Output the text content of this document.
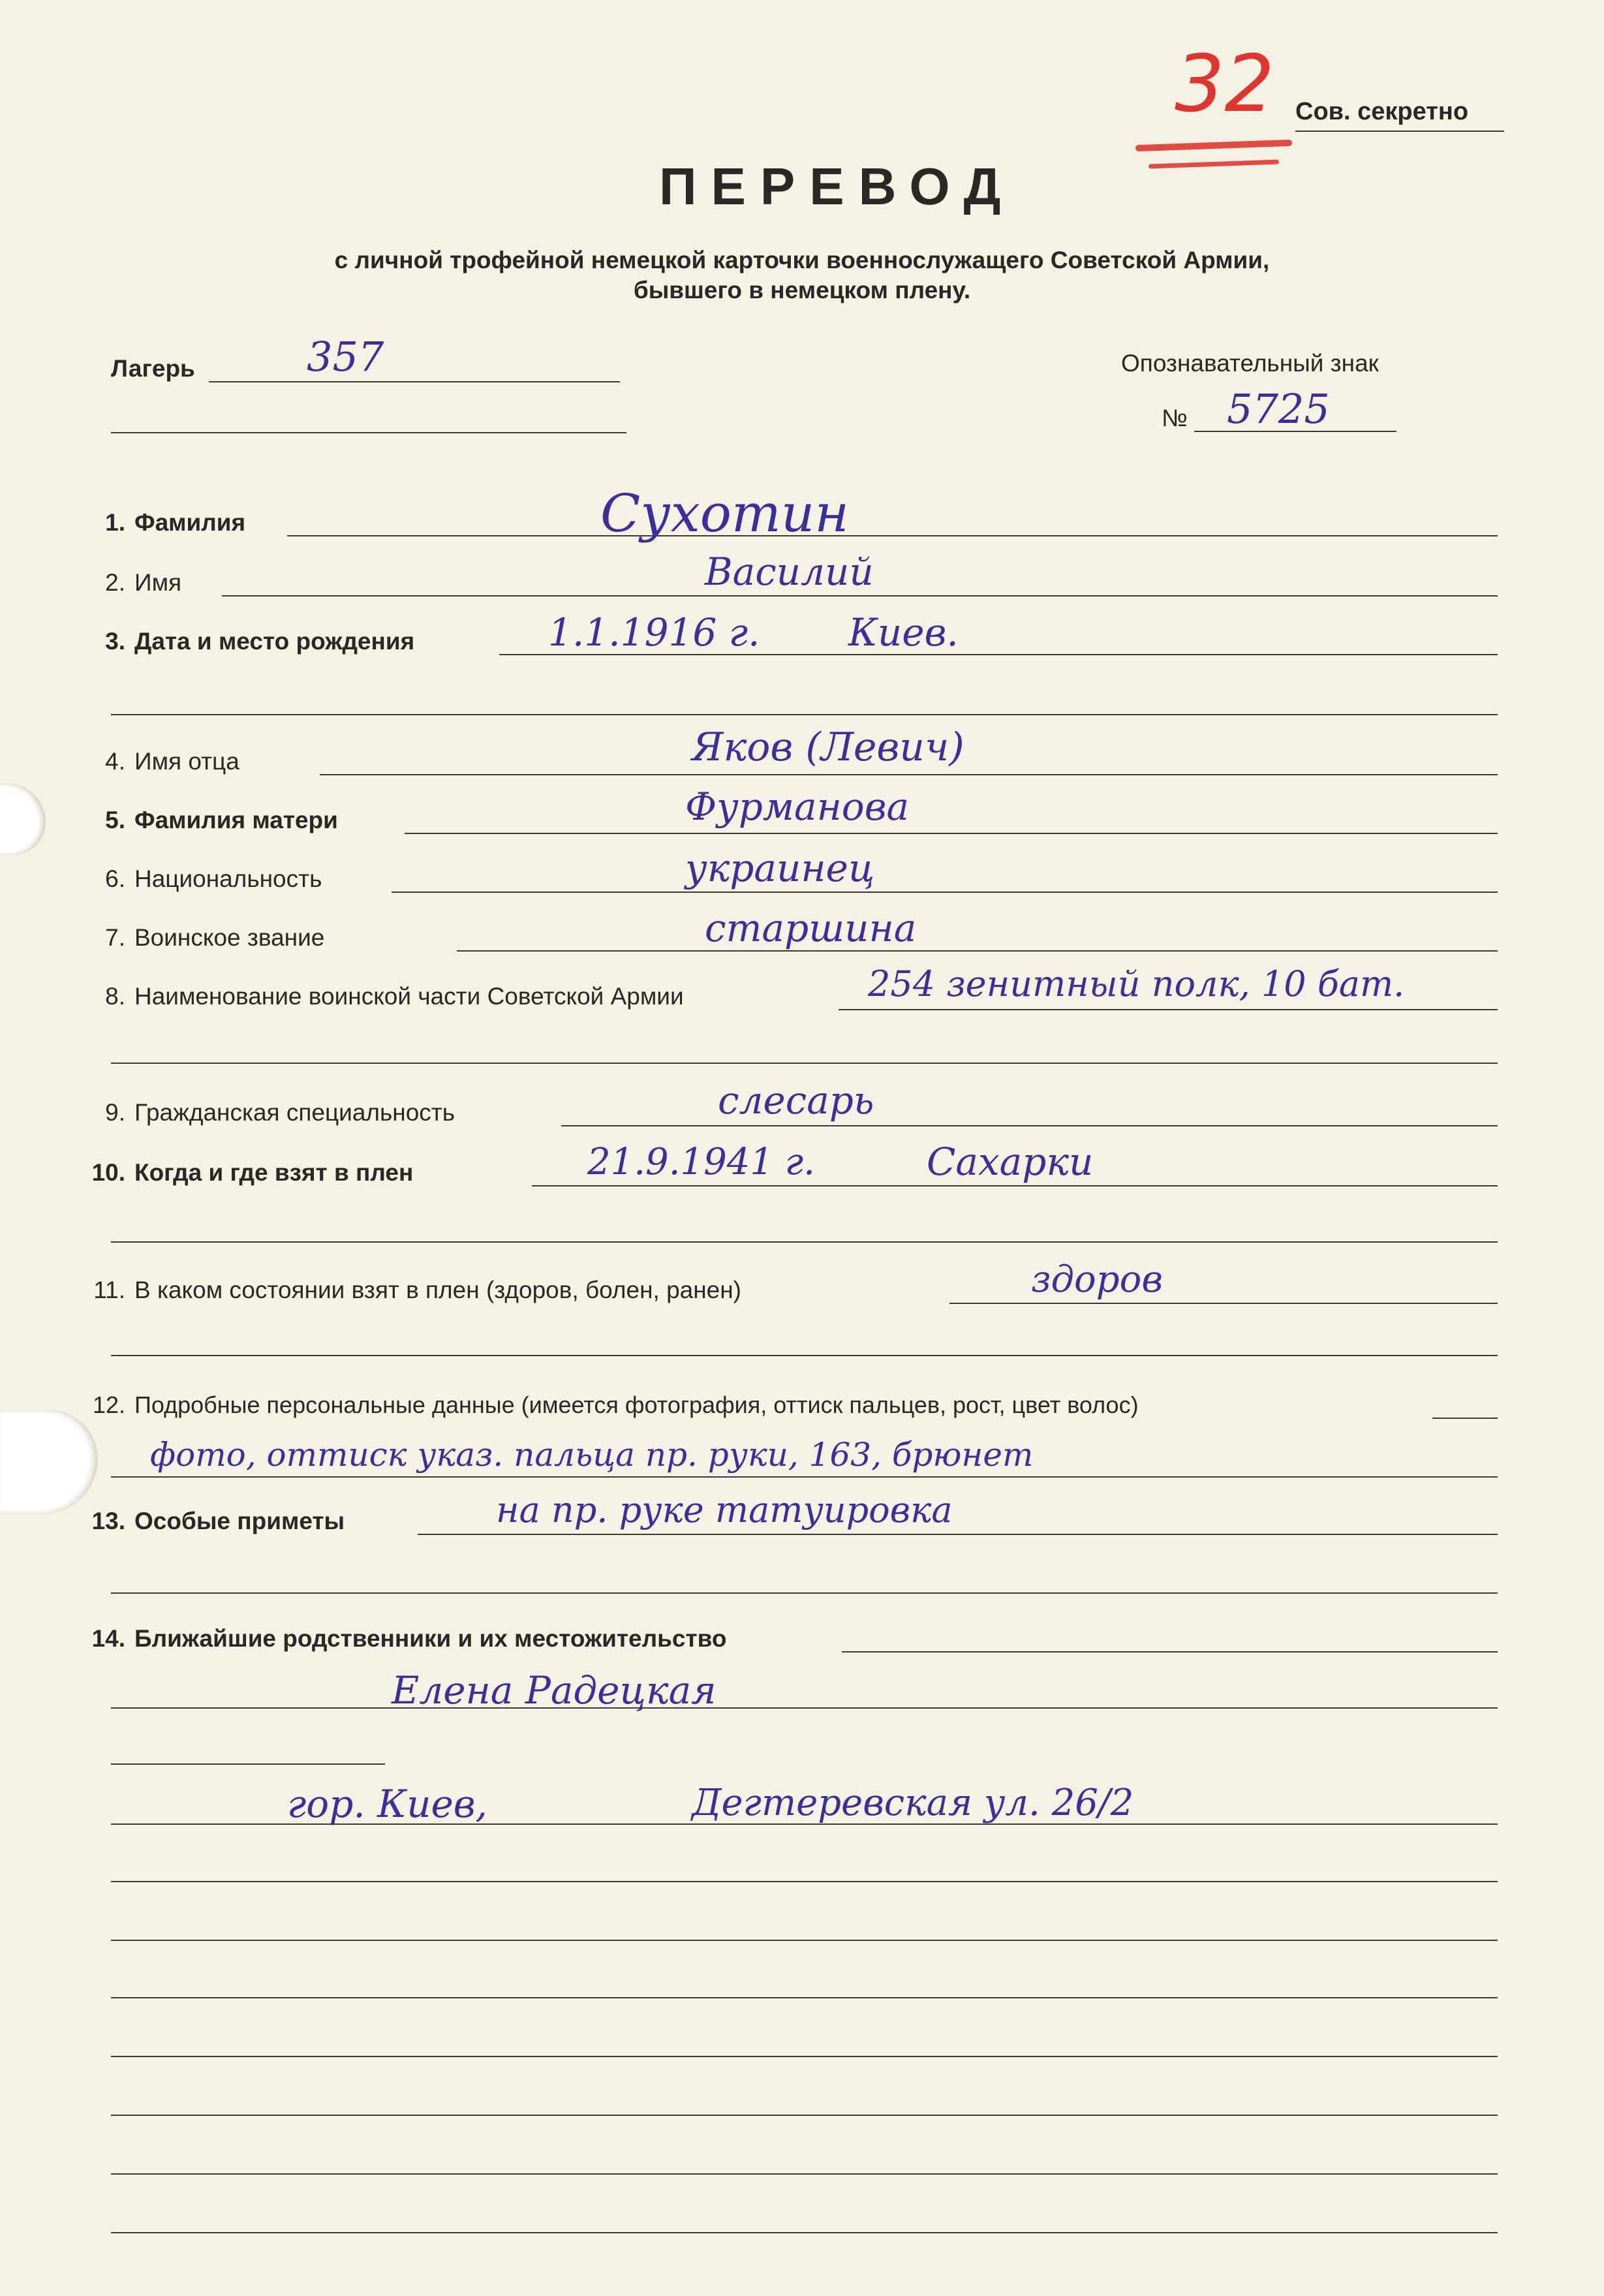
32 Сов. секретно
ПЕРЕВОД
с личной трофейной немецкой карточки военнослужащего Советской Армии,
бывшего в немецком плену.
Лагерь	357	Опознавательный знак
№ 5725
1. Фамилия	Сухотин
2. Имя	Василий
3. Дата и место рождения	1.1.1916 г. Киев.
4. Имя отца	Яков (Левич)
5. Фамилия матери	Фурманова
6. Национальность	украинец
7. Воинское звание	старшина
8. Наименование воинской части Советской Армии	254 зенитный полк, 10 бат.
9. Гражданская специальность	слесарь
10. Когда и где взят в плен	21.9.1941 г.	Сахарки
11. В каком состоянии взят в плен (здоров, болен, ранен)	здоров
12. Подробные персональные данные (имеется фотография, оттиск пальцев, рост, цвет волос)
фото, оттиск указ. пальца пр. руки, 163, брюнет
13. Особые приметы	на пр. руке татуировка
14. Ближайшие родственники и их местожительство
Елена Радецкая
гор. Киев,	Дегтеревская ул. 26/2
